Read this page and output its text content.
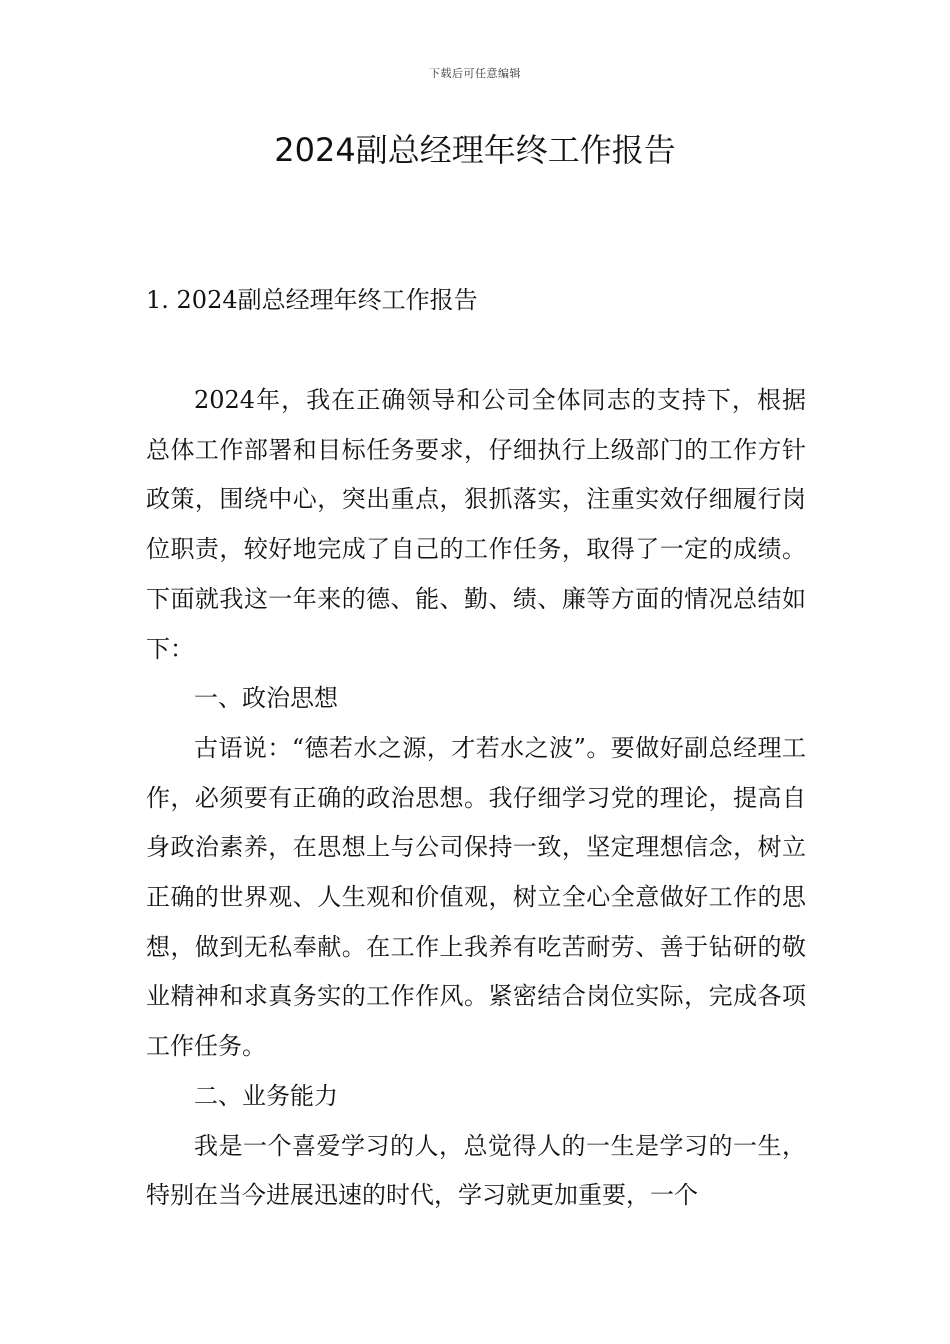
下载后可任意编辑
2024副总经理年终工作报告
1. 2024副总经理年终工作报告

2024年，我在正确领导和公司全体同志的支持下，根据总体工作部署和目标任务要求，仔细执行上级部门的工作方针政策，围绕中心，突出重点，狠抓落实，注重实效仔细履行岗位职责，较好地完成了自己的工作任务，取得了一定的成绩。下面就我这一年来的德、能、勤、绩、廉等方面的情况总结如下：

一、政治思想

古语说：“德若水之源，才若水之波”。要做好副总经理工作，必须要有正确的政治思想。我仔细学习党的理论，提高自身政治素养，在思想上与公司保持一致，坚定理想信念，树立正确的世界观、人生观和价值观，树立全心全意做好工作的思想，做到无私奉献。在工作上我养有吃苦耐劳、善于钻研的敬业精神和求真务实的工作作风。紧密结合岗位实际，完成各项工作任务。

二、业务能力

我是一个喜爱学习的人，总觉得人的一生是学习的一生，特别在当今进展迅速的时代，学习就更加重要，一个
